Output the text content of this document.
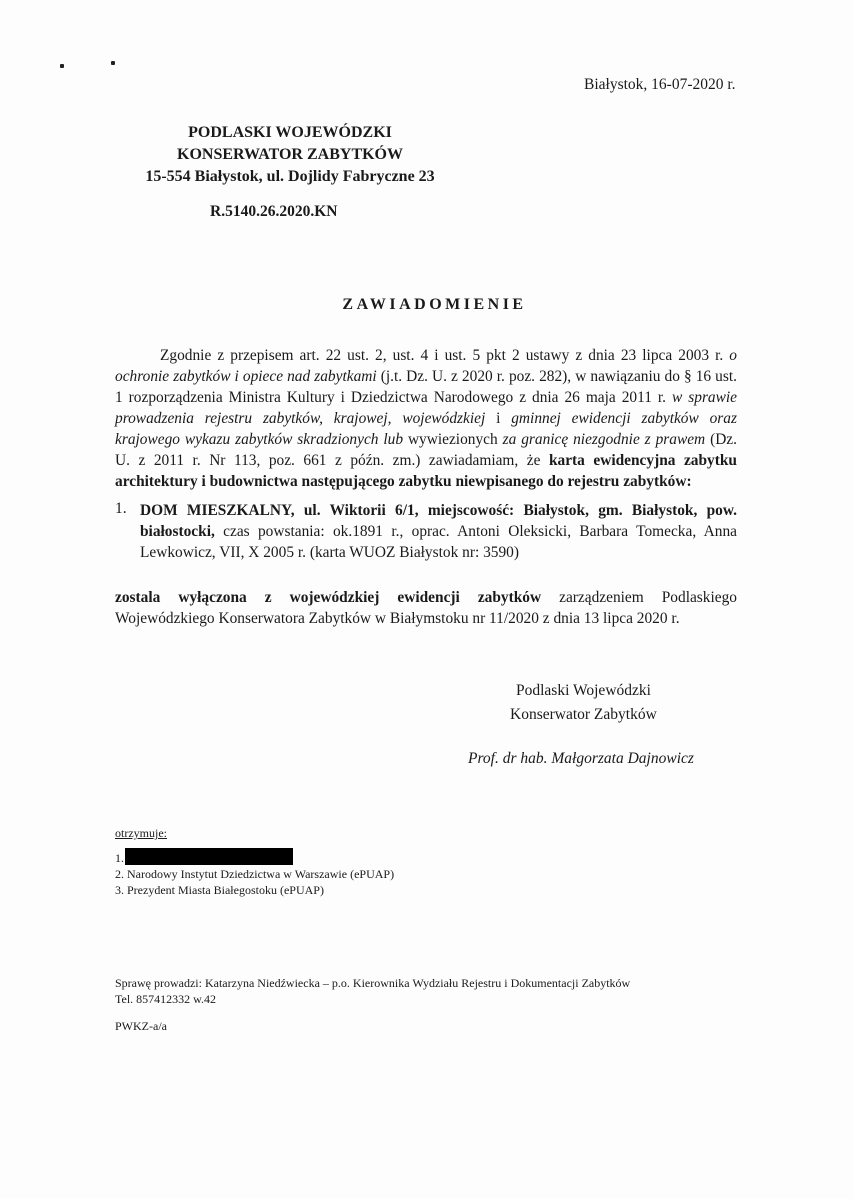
Białystok, 16-07-2020 r.
PODLASKI WOJEWÓDZKI
KONSERWATOR ZABYTKÓW
15-554 Białystok, ul. Dojlidy Fabryczne 23
R.5140.26.2020.KN
ZAWIADOMIENIE
Zgodnie z przepisem art. 22 ust. 2, ust. 4 i ust. 5 pkt 2 ustawy z dnia 23 lipca 2003 r. o ochronie zabytków i opiece nad zabytkami (j.t. Dz. U. z 2020 r. poz. 282), w nawiązaniu do § 16 ust. 1 rozporządzenia Ministra Kultury i Dziedzictwa Narodowego z dnia 26 maja 2011 r. w sprawie prowadzenia rejestru zabytków, krajowej, wojewódzkiej i gminnej ewidencji zabytków oraz krajowego wykazu zabytków skradzionych lub wywiezionych za granicę niezgodnie z prawem (Dz. U. z 2011 r. Nr 113, poz. 661 z późn. zm.) zawiadamiam, że karta ewidencyjna zabytku architektury i budownictwa następującego zabytku niewpisanego do rejestru zabytków:
1. DOM MIESZKALNY, ul. Wiktorii 6/1, miejscowość: Białystok, gm. Białystok, pow. białostocki, czas powstania: ok.1891 r., oprac. Antoni Oleksicki, Barbara Tomecka, Anna Lewkowicz, VII, X 2005 r. (karta WUOZ Białystok nr: 3590)
zostala wyłączona z wojewódzkiej ewidencji zabytków zarządzeniem Podlaskiego Wojewódzkiego Konserwatora Zabytków w Białymstoku nr 11/2020 z dnia 13 lipca 2020 r.
Podlaski Wojewódzki
Konserwator Zabytków
Prof. dr hab. Małgorzata Dajnowicz
otrzymuje:
1.
2. Narodowy Instytut Dziedzictwa w Warszawie (ePUAP)
3. Prezydent Miasta Białegostoku (ePUAP)
Sprawę prowadzi: Katarzyna Niedźwiecka – p.o. Kierownika Wydziału Rejestru i Dokumentacji Zabytków
Tel. 857412332 w.42
PWKZ-a/a
